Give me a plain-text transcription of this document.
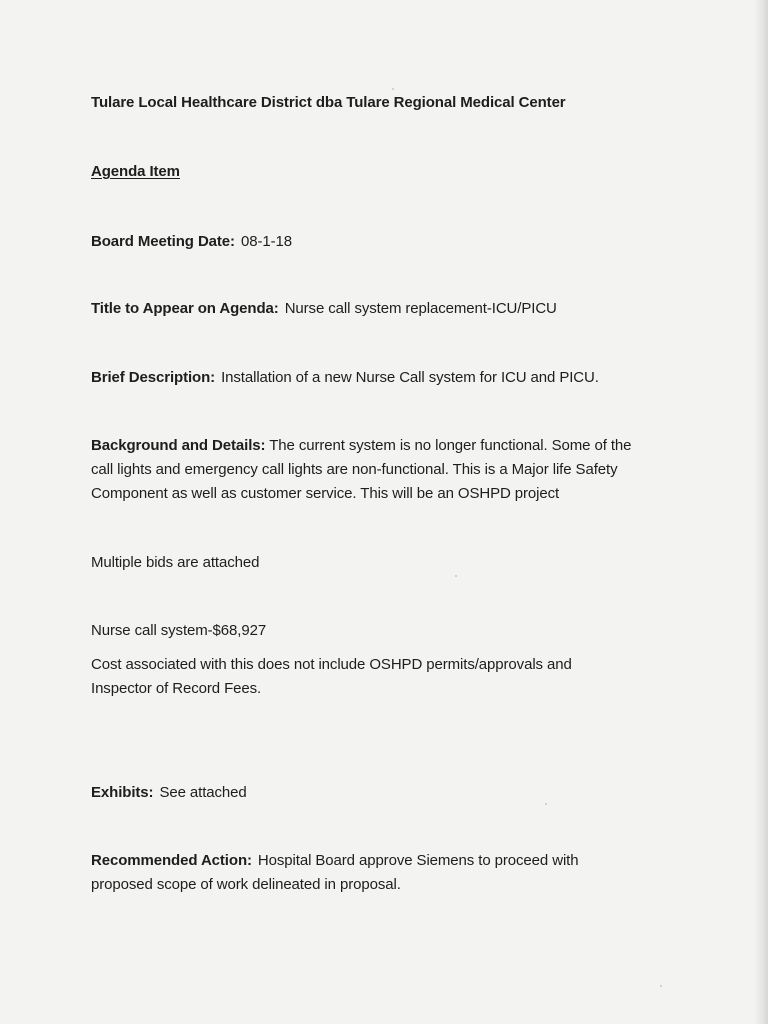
Tulare Local Healthcare District dba Tulare Regional Medical Center
Agenda Item
Board Meeting Date: 08-1-18
Title to Appear on Agenda: Nurse call system replacement-ICU/PICU
Brief Description: Installation of a new Nurse Call system for ICU and PICU.
Background and Details: The current system is no longer functional. Some of the
call lights and emergency call lights are non-functional. This is a Major life Safety
Component as well as customer service. This will be an OSHPD project
Multiple bids are attached
Nurse call system-$68,927
Cost associated with this does not include OSHPD permits/approvals and
Inspector of Record Fees.
Exhibits: See attached
Recommended Action: Hospital Board approve Siemens to proceed with
proposed scope of work delineated in proposal.
